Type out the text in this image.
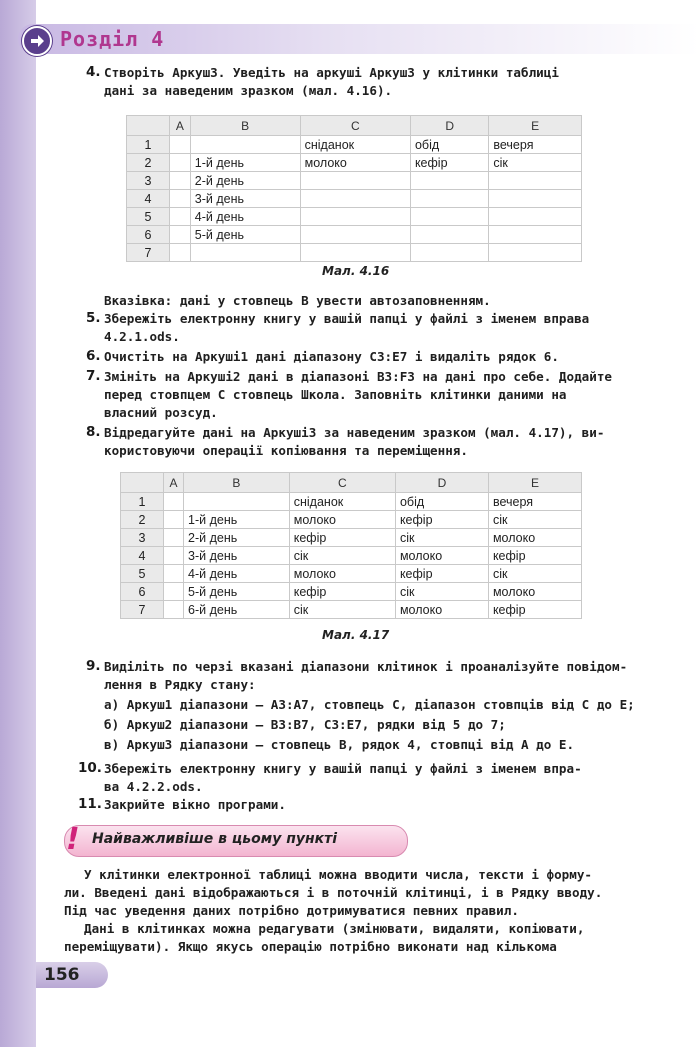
Розділ 4
4. Створіть Аркуш3. Уведіть на аркуші Аркуш3 у клітинки таблиці
дані за наведеним зразком (мал. 4.16).
	A	B	C	D	E
1			сніданок	обід	вечеря
2		1-й день	молоко	кефір	сік
3		2-й день			
4		3-й день			
5		4-й день			
6		5-й день			
7					
Мал. 4.16
Вказівка: дані у стовпець B увести автозаповненням.
5. Збережіть електронну книгу у вашій папці у файлі з іменем вправа
4.2.1.ods.
6. Очистіть на Аркуші1 дані діапазону C3:E7 і видаліть рядок 6.
7. Змініть на Аркуші2 дані в діапазоні B3:F3 на дані про себе. Додайте
перед стовпцем C стовпець Школа. Заповніть клітинки даними на
власний розсуд.
8. Відредагуйте дані на Аркуші3 за наведеним зразком (мал. 4.17), ви-
користовуючи операції копіювання та переміщення.
	A	B	C	D	E
1			сніданок	обід	вечеря
2		1-й день	молоко	кефір	сік
3		2-й день	кефір	сік	молоко
4		3-й день	сік	молоко	кефір
5		4-й день	молоко	кефір	сік
6		5-й день	кефір	сік	молоко
7		6-й день	сік	молоко	кефір
Мал. 4.17
9. Виділіть по черзі вказані діапазони клітинок і проаналізуйте повідом-
лення в Рядку стану:
а) Аркуш1 діапазони – A3:A7, стовпець C, діапазон стовпців від C до E;
б) Аркуш2 діапазони – B3:B7, C3:E7, рядки від 5 до 7;
в) Аркуш3 діапазони – стовпець B, рядок 4, стовпці від A до E.
10. Збережіть електронну книгу у вашій папці у файлі з іменем впра-
ва 4.2.2.ods.
11. Закрийте вікно програми.
! Найважливіше в цьому пункті
У клітинки електронної таблиці можна вводити числа, тексти і форму-
ли. Введені дані відображаються і в поточній клітинці, і в Рядку вводу.
Під час уведення даних потрібно дотримуватися певних правил.
Дані в клітинках можна редагувати (змінювати, видаляти, копіювати,
переміщувати). Якщо якусь операцію потрібно виконати над кількома
156
